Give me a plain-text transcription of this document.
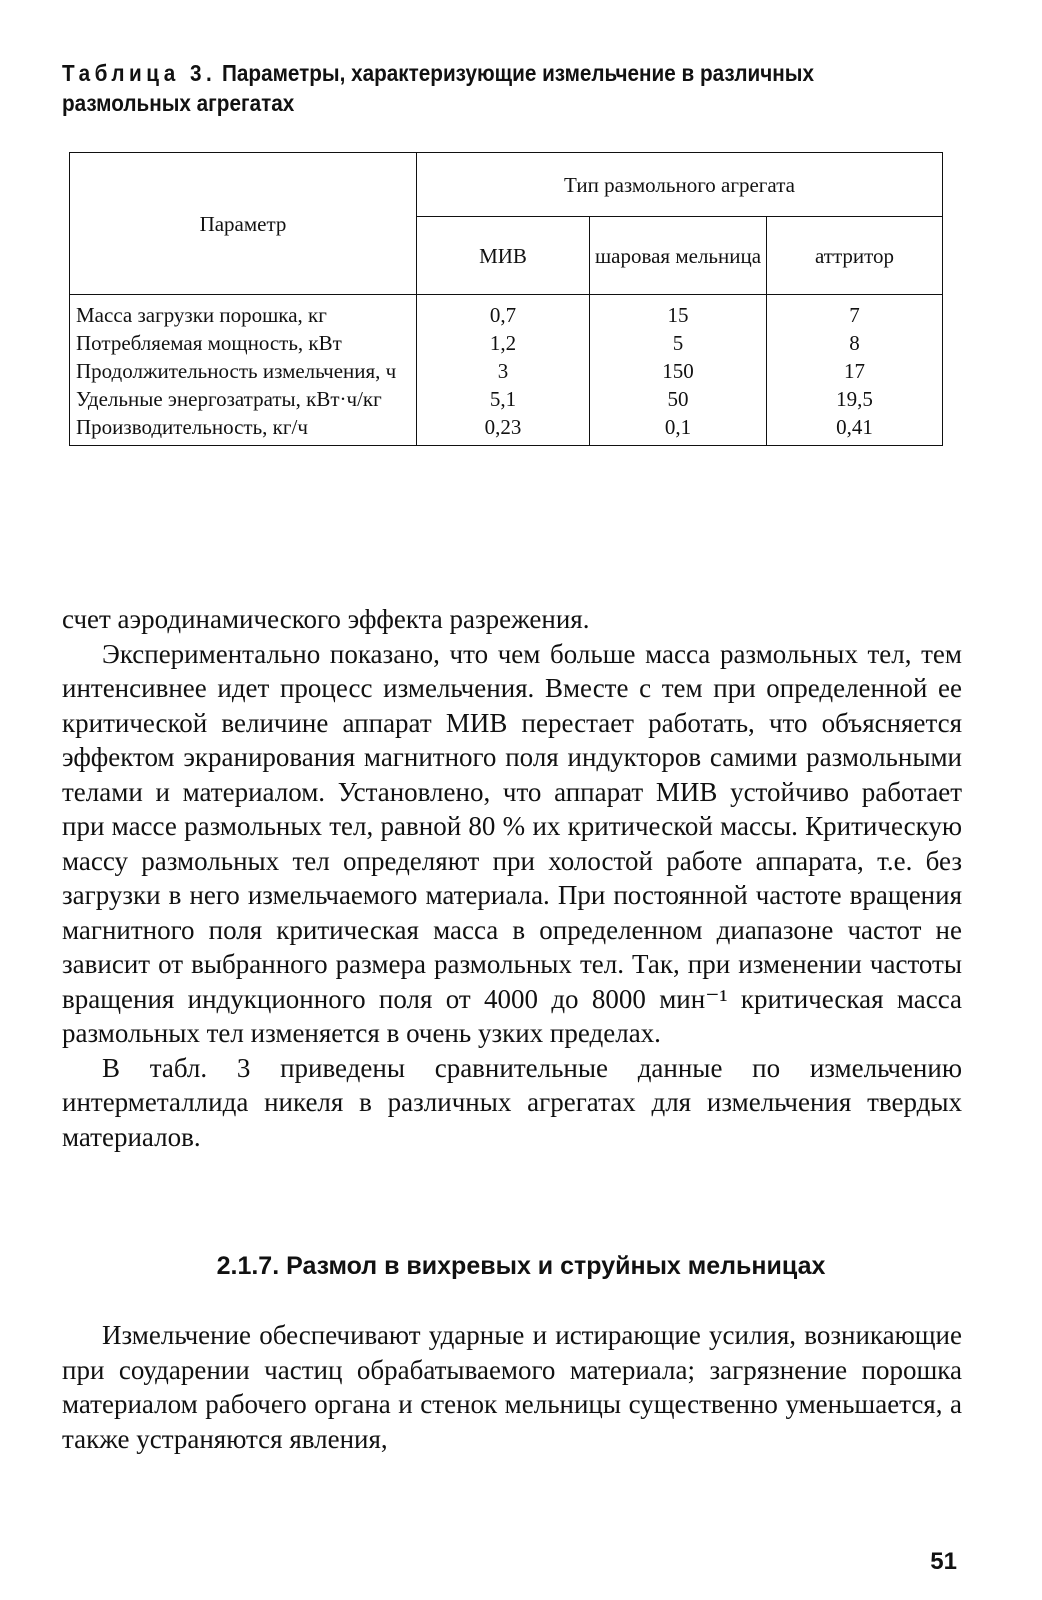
Таблица 3. Параметры, характеризующие измельчение в различных размольных агрегатах
Параметр	Тип размольного агрегата		
	МИВ	шаровая мельница	аттритор
Масса загрузки порошка, кг	0,7	15	7
Потребляемая мощность, кВт	1,2	5	8
Продолжительность измельчения, ч	3	150	17
Удельные энергозатраты, кВт·ч/кг	5,1	50	19,5
Производительность, кг/ч	0,23	0,1	0,41

счет аэродинамического эффекта разрежения.

Экспериментально показано, что чем больше масса размольных тел, тем интенсивнее идет процесс измельчения. Вместе с тем при определенной ее критической величине аппарат МИВ перестает работать, что объясняется эффектом экранирования магнитного поля индукторов самими размольными телами и материалом. Установлено, что аппарат МИВ устойчиво работает при массе размольных тел, равной 80 % их критической массы. Критическую массу размольных тел определяют при холостой работе аппарата, т.е. без загрузки в него измельчаемого материала. При постоянной частоте вращения магнитного поля критическая масса в определенном диапазоне частот не зависит от выбранного размера размольных тел. Так, при изменении частоты вращения индукционного поля от 4000 до 8000 мин⁻¹ критическая масса размольных тел изменяется в очень узких пределах.

В табл. 3 приведены сравнительные данные по измельчению интерметаллида никеля в различных агрегатах для измельчения твердых материалов.

2.1.7. Размол в вихревых и струйных мельницах

Измельчение обеспечивают ударные и истирающие усилия, возникающие при соударении частиц обрабатываемого материала; загрязнение порошка материалом рабочего органа и стенок мельницы существенно уменьшается, а также устраняются явления,

51
